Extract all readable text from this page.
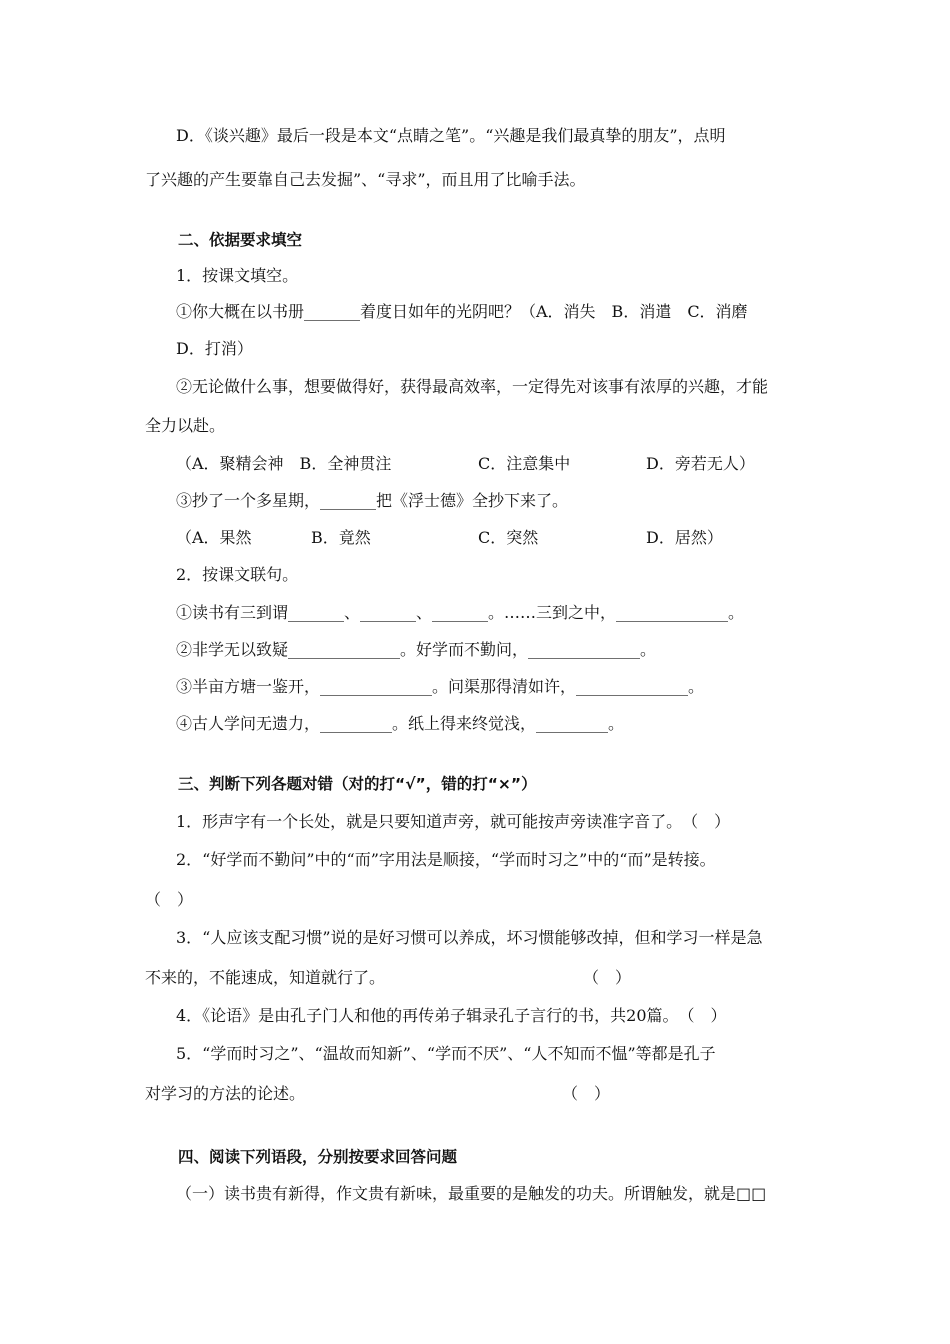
D．《谈兴趣》最后一段是本文“点睛之笔”。“兴趣是我们最真挚的朋友”，点明

了兴趣的产生要靠自己去发掘”、“寻求”，而且用了比喻手法。

二、依据要求填空

1．按课文填空。

①你大概在以书册_______着度日如年的光阴吧？（A．消失　B．消遣　C．消磨

D．打消）

②无论做什么事，想要做得好，获得最高效率，一定得先对该事有浓厚的兴趣，才能

全力以赴。

（A．聚精会神　B．全神贯注

	C．注意集中

	D．旁若无人）

③抄了一个多星期，_______把《浮士德》全抄下来了。

（A．果然

	B．竟然

	C．突然

	D．居然）

2．按课文联句。

①读书有三到谓_______、_______、_______。……三到之中，______________。

②非学无以致疑______________。好学而不勤问，______________。

③半亩方塘一鉴开，______________。问渠那得清如许，______________。

④古人学问无遗力，_________。纸上得来终觉浅，_________。

三、判断下列各题对错（对的打“√”，错的打“×”）

1．形声字有一个长处，就是只要知道声旁，就可能按声旁读准字音了。　（　）

2．“好学而不勤问”中的“而”字用法是顺接，“学而时习之”中的“而”是转接。

（　）

3．“人应该支配习惯”说的是好习惯可以养成，坏习惯能够改掉，但和学习一样是急

不来的，不能速成，知道就行了。	（　）

4．《论语》是由孔子门人和他的再传弟子辑录孔子言行的书，共20篇。　（　）

5．“学而时习之”、“温故而知新”、“学而不厌”、“人不知而不愠”等都是孔子

对学习的方法的论述。	（　）

四、阅读下列语段，分别按要求回答问题

（一）读书贵有新得，作文贵有新味，最重要的是触发的功夫。所谓触发，就是□□
